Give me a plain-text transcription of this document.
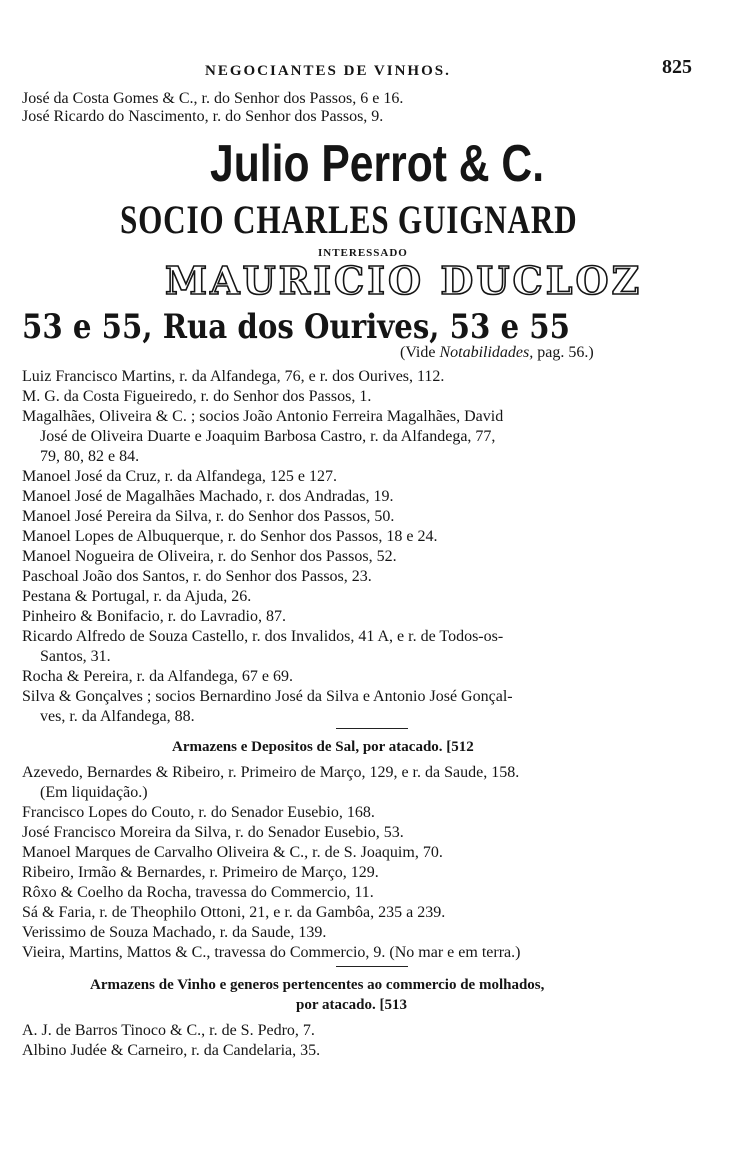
NEGOCIANTES DE VINHOS.	825
José da Costa Gomes & C., r. do Senhor dos Passos, 6 e 16.
José Ricardo do Nascimento, r. do Senhor dos Passos, 9.
Julio Perrot & C.
SOCIO CHARLES GUIGNARD
INTERESSADO
MAURICIO DUCLOZ
53 e 55, Rua dos Ourives, 53 e 55
(Vide Notabilidades, pag. 56.)
Luiz Francisco Martins, r. da Alfandega, 76, e r. dos Ourives, 112.
M. G. da Costa Figueiredo, r. do Senhor dos Passos, 1.
Magalhães, Oliveira & C. ; socios João Antonio Ferreira Magalhães, David
José de Oliveira Duarte e Joaquim Barbosa Castro, r. da Alfandega, 77,
79, 80, 82 e 84.
Manoel José da Cruz, r. da Alfandega, 125 e 127.
Manoel José de Magalhães Machado, r. dos Andradas, 19.
Manoel José Pereira da Silva, r. do Senhor dos Passos, 50.
Manoel Lopes de Albuquerque, r. do Senhor dos Passos, 18 e 24.
Manoel Nogueira de Oliveira, r. do Senhor dos Passos, 52.
Paschoal João dos Santos, r. do Senhor dos Passos, 23.
Pestana & Portugal, r. da Ajuda, 26.
Pinheiro & Bonifacio, r. do Lavradio, 87.
Ricardo Alfredo de Souza Castello, r. dos Invalidos, 41 A, e r. de Todos-os-
Santos, 31.
Rocha & Pereira, r. da Alfandega, 67 e 69.
Silva & Gonçalves ; socios Bernardino José da Silva e Antonio José Gonçal-
ves, r. da Alfandega, 88.
Armazens e Depositos de Sal, por atacado. [512
Azevedo, Bernardes & Ribeiro, r. Primeiro de Março, 129, e r. da Saude, 158.
(Em liquidação.)
Francisco Lopes do Couto, r. do Senador Eusebio, 168.
José Francisco Moreira da Silva, r. do Senador Eusebio, 53.
Manoel Marques de Carvalho Oliveira & C., r. de S. Joaquim, 70.
Ribeiro, Irmão & Bernardes, r. Primeiro de Março, 129.
Rôxo & Coelho da Rocha, travessa do Commercio, 11.
Sá & Faria, r. de Theophilo Ottoni, 21, e r. da Gambôa, 235 a 239.
Verissimo de Souza Machado, r. da Saude, 139.
Vieira, Martins, Mattos & C., travessa do Commercio, 9. (No mar e em terra.)
Armazens de Vinho e generos pertencentes ao commercio de molhados,
por atacado. [513
A. J. de Barros Tinoco & C., r. de S. Pedro, 7.
Albino Judée & Carneiro, r. da Candelaria, 35.
